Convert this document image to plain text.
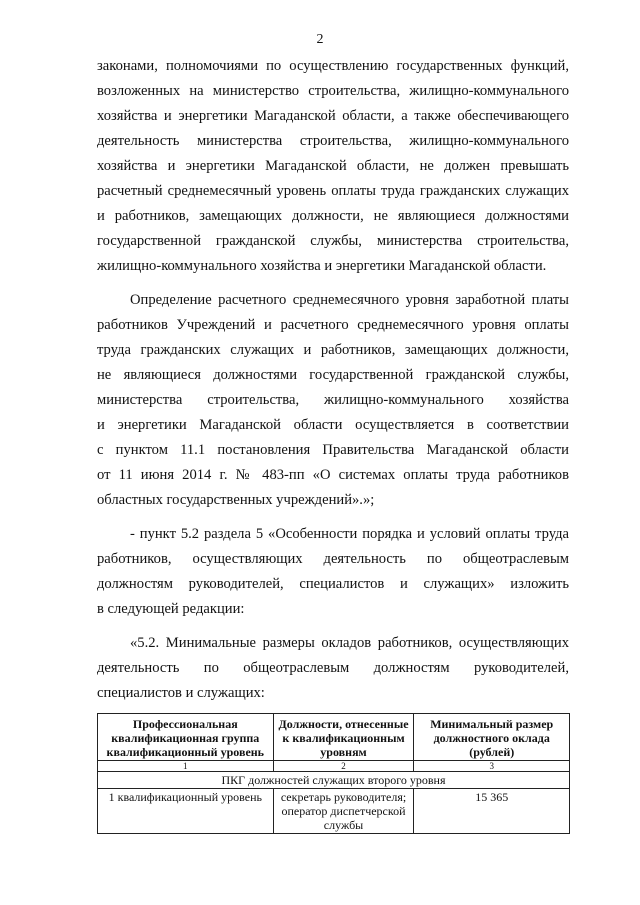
2
законами, полномочиями по осуществлению государственных функций,
возложенных на министерство строительства, жилищно-коммунального
хозяйства и энергетики Магаданской области, а также обеспечивающего
деятельность министерства строительства, жилищно-коммунального
хозяйства и энергетики Магаданской области, не должен превышать
расчетный среднемесячный уровень оплаты труда гражданских служащих
и работников, замещающих должности, не являющиеся должностями
государственной гражданской службы, министерства строительства,
жилищно-коммунального хозяйства и энергетики Магаданской области.
Определение расчетного среднемесячного уровня заработной платы
работников Учреждений и расчетного среднемесячного уровня оплаты
труда гражданских служащих и работников, замещающих должности,
не являющиеся должностями государственной гражданской службы,
министерства строительства, жилищно-коммунального хозяйства
и энергетики Магаданской области осуществляется в соответствии
с пунктом 11.1 постановления Правительства Магаданской области
от 11 июня 2014 г. № 483-пп «О системах оплаты труда работников
областных государственных учреждений».»;
- пункт 5.2 раздела 5 «Особенности порядка и условий оплаты труда
работников, осуществляющих деятельность по общеотраслевым
должностям руководителей, специалистов и служащих» изложить
в следующей редакции:
«5.2. Минимальные размеры окладов работников, осуществляющих
деятельность по общеотраслевым должностям руководителей,
специалистов и служащих:
Профессиональная квалификационная группа квалификационный уровень	Должности, отнесенные к квалификационным уровням	Минимальный размер должностного оклада (рублей)
1	2	3
ПКГ должностей служащих второго уровня		
1 квалификационный уровень	секретарь руководителя; оператор диспетчерской службы	15 365
